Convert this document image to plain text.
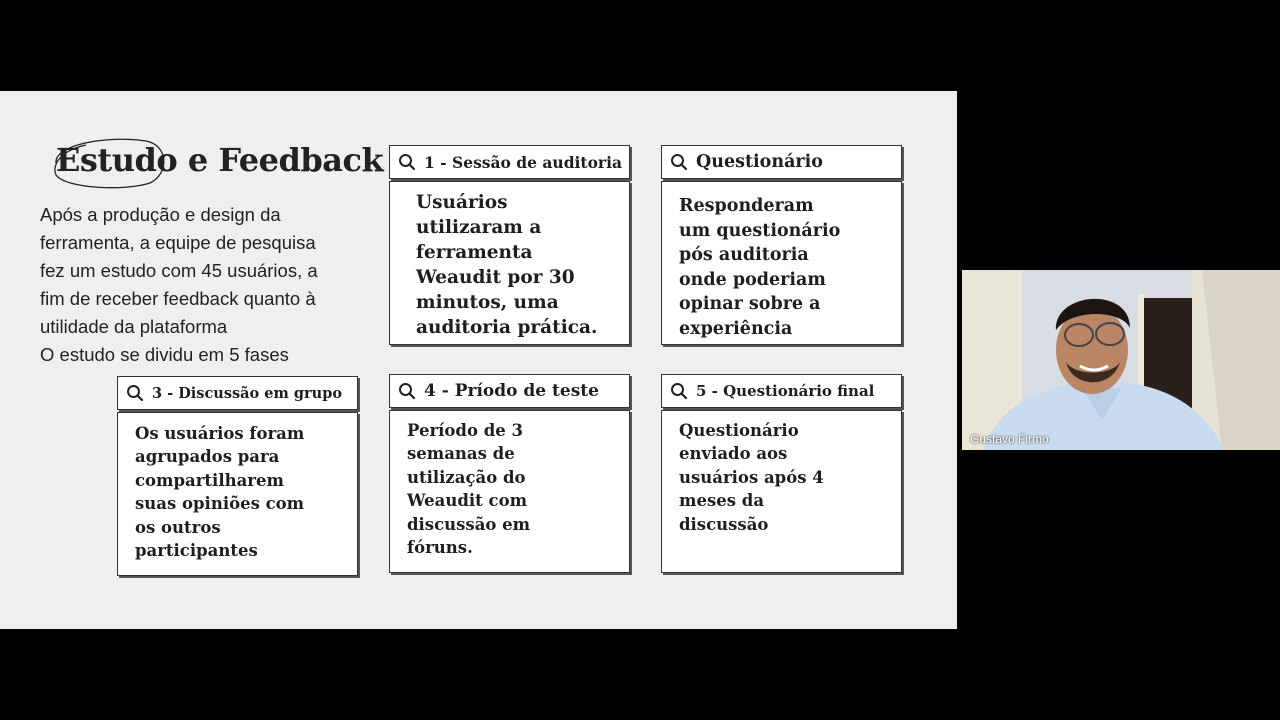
Estudo e Feedback
Após a produção e design da
ferramenta, a equipe de pesquisa
fez um estudo com 45 usuários, a
fim de receber feedback quanto à
utilidade da plataforma
O estudo se dividu em 5 fases
1 - Sessão de auditoria
Usuários
utilizaram a
ferramenta
Weaudit por 30
minutos, uma
auditoria prática.
Questionário
Responderam
um questionário
pós auditoria
onde poderiam
opinar sobre a
experiência
3 - Discussão em grupo
Os usuários foram
agrupados para
compartilharem
suas opiniões com
os outros
participantes
4 - Príodo de teste
Período de 3
semanas de
utilização do
Weaudit com
discussão em
fóruns.
5 - Questionário final
Questionário
enviado aos
usuários após 4
meses da
discussão
Gustavo Firmo
